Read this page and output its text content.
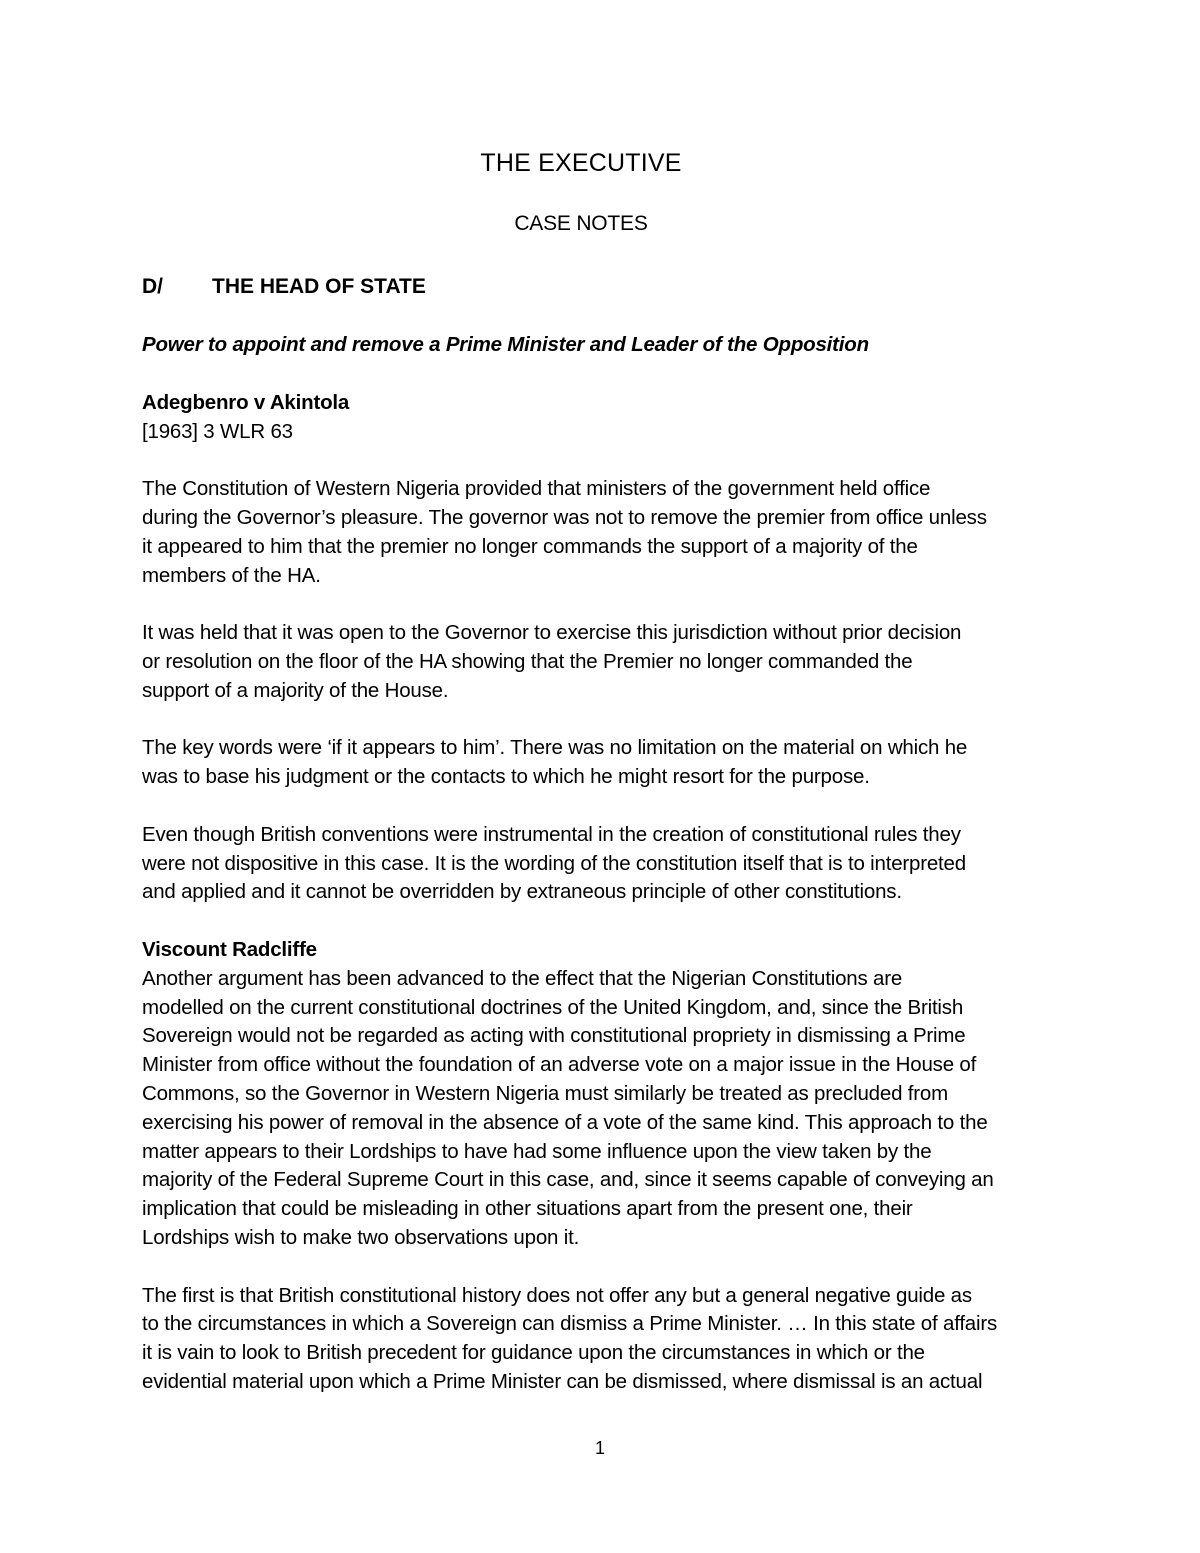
THE EXECUTIVE
CASE NOTES
D/	THE HEAD OF STATE
Power to appoint and remove a Prime Minister and Leader of the Opposition
Adegbenro v Akintola
[1963] 3 WLR 63
The Constitution of Western Nigeria provided that ministers of the government held office
during the Governor’s pleasure. The governor was not to remove the premier from office unless
it appeared to him that the premier no longer commands the support of a majority of the
members of the HA.
It was held that it was open to the Governor to exercise this jurisdiction without prior decision
or resolution on the floor of the HA showing that the Premier no longer commanded the
support of a majority of the House.
The key words were ‘if it appears to him’. There was no limitation on the material on which he
was to base his judgment or the contacts to which he might resort for the purpose.
Even though British conventions were instrumental in the creation of constitutional rules they
were not dispositive in this case. It is the wording of the constitution itself that is to interpreted
and applied and it cannot be overridden by extraneous principle of other constitutions.
Viscount Radcliffe
Another argument has been advanced to the effect that the Nigerian Constitutions are
modelled on the current constitutional doctrines of the United Kingdom, and, since the British
Sovereign would not be regarded as acting with constitutional propriety in dismissing a Prime
Minister from office without the foundation of an adverse vote on a major issue in the House of
Commons, so the Governor in Western Nigeria must similarly be treated as precluded from
exercising his power of removal in the absence of a vote of the same kind. This approach to the
matter appears to their Lordships to have had some influence upon the view taken by the
majority of the Federal Supreme Court in this case, and, since it seems capable of conveying an
implication that could be misleading in other situations apart from the present one, their
Lordships wish to make two observations upon it.
The first is that British constitutional history does not offer any but a general negative guide as
to the circumstances in which a Sovereign can dismiss a Prime Minister. … In this state of affairs
it is vain to look to British precedent for guidance upon the circumstances in which or the
evidential material upon which a Prime Minister can be dismissed, where dismissal is an actual
1
